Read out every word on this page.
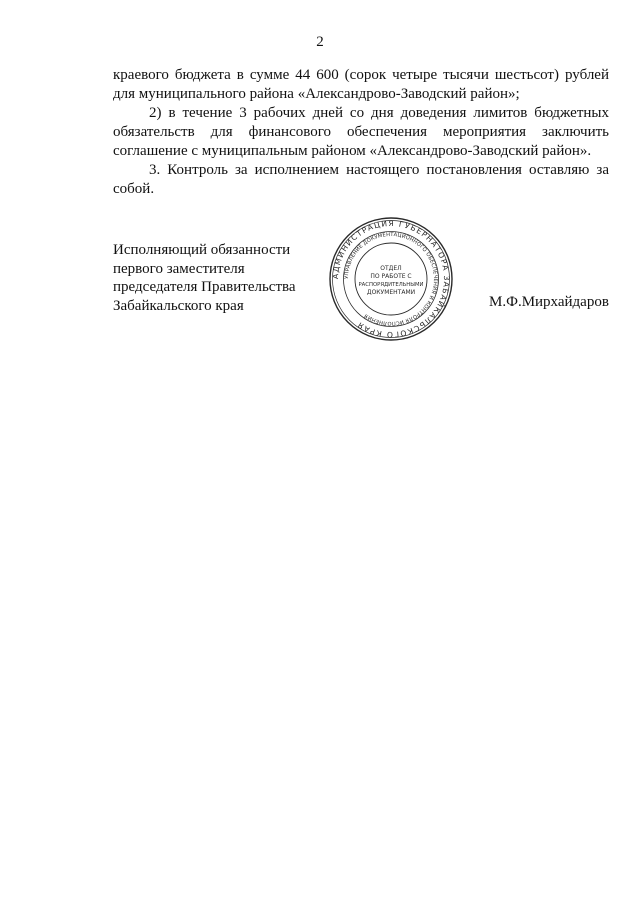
2

краевого бюджета в сумме 44 600 (сорок четыре тысячи шестьсот) рублей для муниципального района «Александрово-Заводский район»;

2) в течение 3 рабочих дней со дня доведения лимитов бюджетных обязательств для финансового обеспечения мероприятия заключить соглашение с муниципальным районом «Александрово-Заводский район».

3. Контроль за исполнением настоящего постановления оставляю за собой.

Исполняющий обязанности
первого заместителя
председателя Правительства
Забайкальского края
АДМИНИСТРАЦИЯ ГУБЕРНАТОРА ЗАБАЙКАЛЬСКОГО КРАЯ
УПРАВЛЕНИЕ ДОКУМЕНТАЦИОННОГО ОБЕСПЕЧЕНИЯ И КОНТРОЛЯ ИСПОЛНЕНИЯ
ОТДЕЛ
ПО РАБОТЕ С
РАСПОРЯДИТЕЛЬНЫМИ
ДОКУМЕНТАМИ
М.Ф.Мирхайдаров
